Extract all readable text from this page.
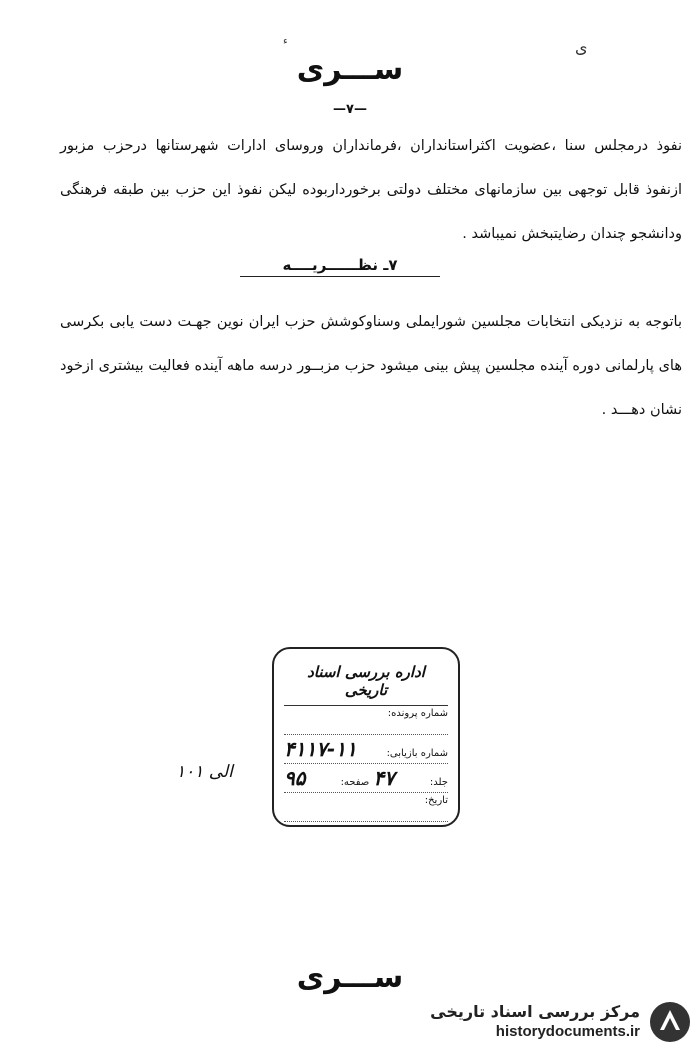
ء	ی
ســـرى
—۷—
نفوذ درمجلس سنا ،عضویت اکثراستانداران ،فرمانداران وروسای ادارات شهرستانها درحزب مزبور ازنفوذ قابل توجهی بین سازمانهای مختلف دولتی برخورداربوده لیکن نفوذ این حزب بین طبقه فرهنگی ودانشجو چندان رضایتبخش نمیباشد .
۷ـ نظــــــریــــه
باتوجه به نزدیکی انتخابات مجلسین شورایملی وسناوکوشش حزب ایران نوین جهـت دست یابی بکرسی های پارلمانی دوره آینده مجلسین پیش بینی میشود حزب مزبــور درسه ماهه آینده فعالیت بیشتری ازخود نشان دهـــد .
اداره بررسی اسناد تاریخی
شماره پرونده:
شماره بازیابی:
۴۱۱۷-۱۱
جلد:
۴۷
صفحه:
۹۵
تاریخ:
الی ۱۰۱
ســـرى
مرکز بررسی اسناد تاریخی
historydocuments.ir
